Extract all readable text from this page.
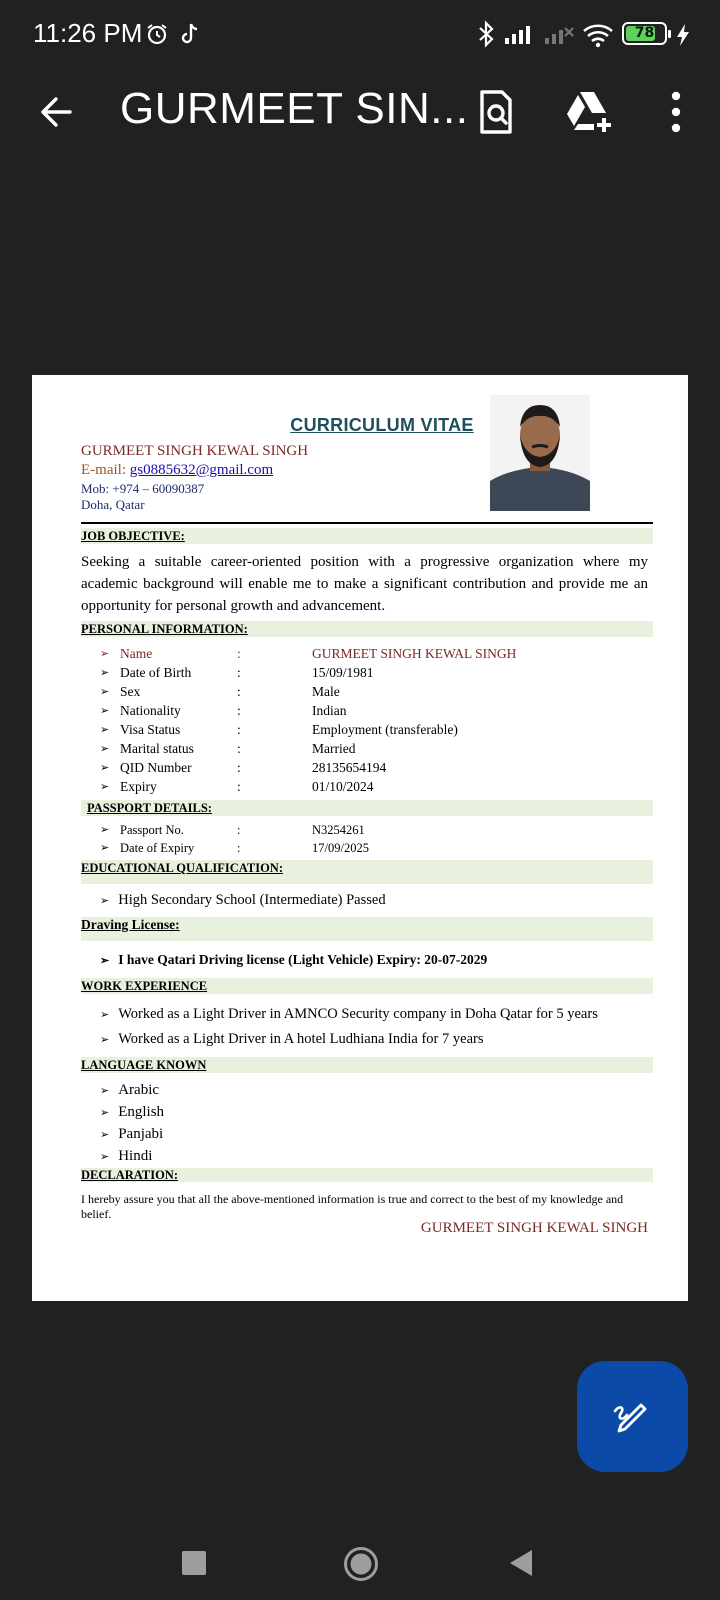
11:26 PM	78
GURMEET SIN...
CURRICULUM VITAE
GURMEET SINGH KEWAL SINGH
E-mail: gs0885632@gmail.com
Mob: +974 – 60090387
Doha, Qatar
JOB OBJECTIVE:
Seeking a suitable career-oriented position with a progressive organization where my academic background will enable me to make a significant contribution and provide me an opportunity for personal growth and advancement.
PERSONAL INFORMATION:
➢ Name	:	GURMEET SINGH KEWAL SINGH
➢ Date of Birth	:	15/09/1981
➢ Sex	:	Male
➢ Nationality	:	Indian
➢ Visa Status	:	Employment (transferable)
➢ Marital status	:	Married
➢ QID Number	:	28135654194
➢ Expiry	:	01/10/2024
PASSPORT DETAILS:
➢ Passport No.	:	N3254261
➢ Date of Expiry	:	17/09/2025
EDUCATIONAL QUALIFICATION:
➢ High Secondary School (Intermediate) Passed
Draving License:
➢ I have Qatari Driving license (Light Vehicle) Expiry: 20-07-2029
WORK EXPERIENCE
➢ Worked as a Light Driver in AMNCO Security company in Doha Qatar for 5 years
➢ Worked as a Light Driver in A hotel Ludhiana India for 7 years
LANGUAGE KNOWN
➢ Arabic
➢ English
➢ Panjabi
➢ Hindi
DECLARATION:
I hereby assure you that all the above-mentioned information is true and correct to the best of my knowledge and belief.
GURMEET SINGH KEWAL SINGH
